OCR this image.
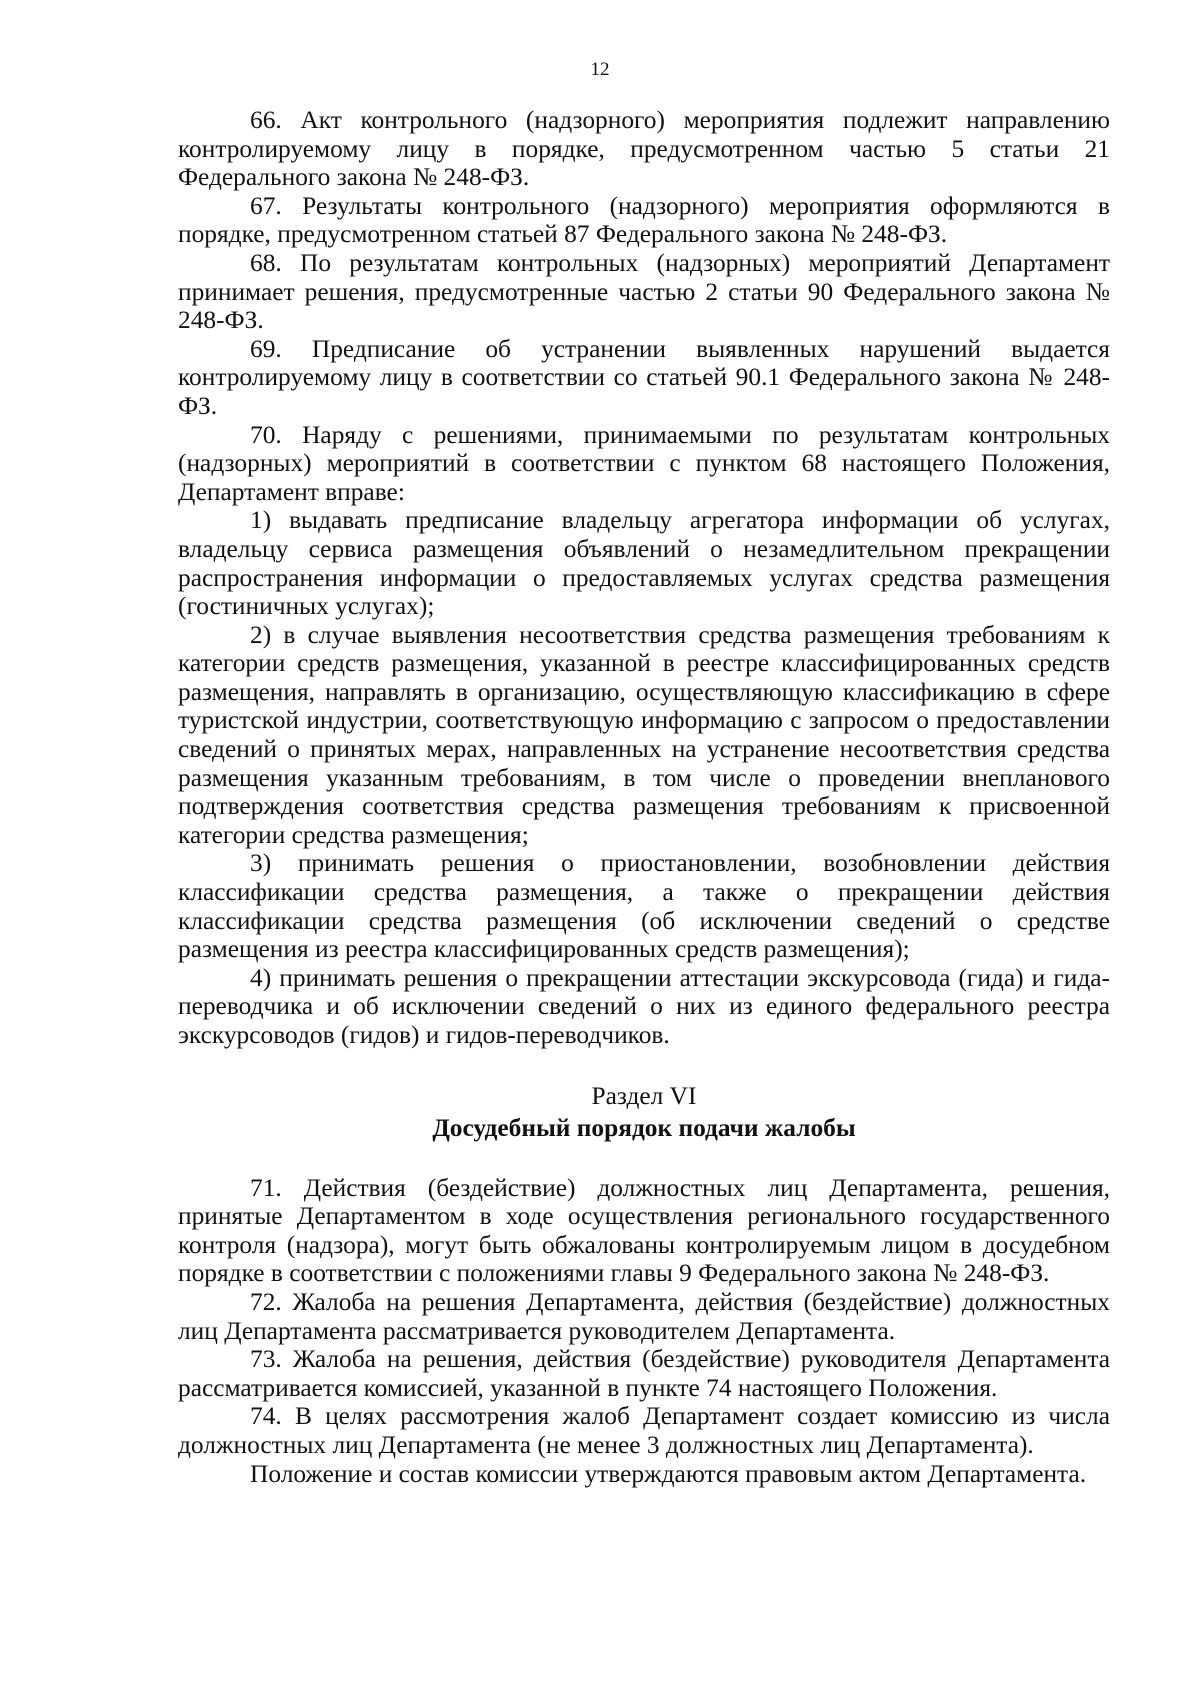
12

66. Акт контрольного (надзорного) мероприятия подлежит направлению контролируемому лицу в порядке, предусмотренном частью 5 статьи 21 Федерального закона № 248-ФЗ.

67. Результаты контрольного (надзорного) мероприятия оформляются в порядке, предусмотренном статьей 87 Федерального закона № 248-ФЗ.

68. По результатам контрольных (надзорных) мероприятий Департамент принимает решения, предусмотренные частью 2 статьи 90 Федерального закона № 248-ФЗ.

69. Предписание об устранении выявленных нарушений выдается контролируемому лицу в соответствии со статьей 90.1 Федерального закона № 248-ФЗ.

70. Наряду с решениями, принимаемыми по результатам контрольных (надзорных) мероприятий в соответствии с пунктом 68 настоящего Положения, Департамент вправе:

1) выдавать предписание владельцу агрегатора информации об услугах, владельцу сервиса размещения объявлений о незамедлительном прекращении распространения информации о предоставляемых услугах средства размещения (гостиничных услугах);

2) в случае выявления несоответствия средства размещения требованиям к категории средств размещения, указанной в реестре классифицированных средств размещения, направлять в организацию, осуществляющую классификацию в сфере туристской индустрии, соответствующую информацию с запросом о предоставлении сведений о принятых мерах, направленных на устранение несоответствия средства размещения указанным требованиям, в том числе о проведении внепланового подтверждения соответствия средства размещения требованиям к присвоенной категории средства размещения;

3) принимать решения о приостановлении, возобновлении действия классификации средства размещения, а также о прекращении действия классификации средства размещения (об исключении сведений о средстве размещения из реестра классифицированных средств размещения);

4) принимать решения о прекращении аттестации экскурсовода (гида) и гида-переводчика и об исключении сведений о них из единого федерального реестра экскурсоводов (гидов) и гидов-переводчиков.

Раздел VI
Досудебный порядок подачи жалобы

71. Действия (бездействие) должностных лиц Департамента, решения, принятые Департаментом в ходе осуществления регионального государственного контроля (надзора), могут быть обжалованы контролируемым лицом в досудебном порядке в соответствии с положениями главы 9 Федерального закона № 248-ФЗ.

72. Жалоба на решения Департамента, действия (бездействие) должностных лиц Департамента рассматривается руководителем Департамента.

73. Жалоба на решения, действия (бездействие) руководителя Департамента рассматривается комиссией, указанной в пункте 74 настоящего Положения.

74. В целях рассмотрения жалоб Департамент создает комиссию из числа должностных лиц Департамента (не менее 3 должностных лиц Департамента).

Положение и состав комиссии утверждаются правовым актом Департамента.
